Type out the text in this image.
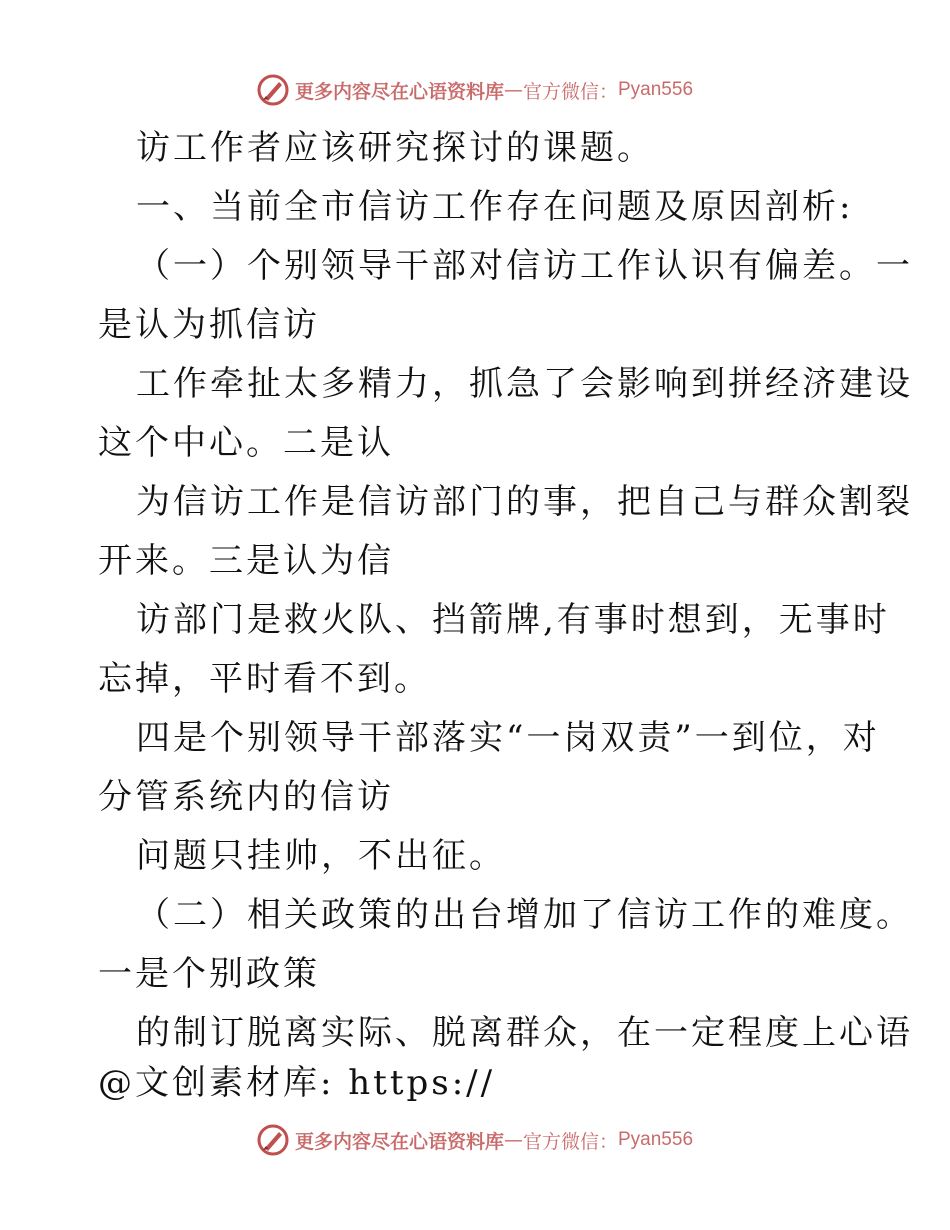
更多内容尽在心语资料库 — 官方微信： Pyan556
访工作者应该研究探讨的课题。
一、当前全市信访工作存在问题及原因剖析:
（一）个别领导干部对信访工作认识有偏差。一
是认为抓信访
工作牵扯太多精力，抓急了会影响到拼经济建设
这个中心。二是认
为信访工作是信访部门的事，把自己与群众割裂
开来。三是认为信
访部门是救火队、挡箭牌,有事时想到，无事时
忘掉，平时看不到。
四是个别领导干部落实“一岗双责”一到位，对
分管系统内的信访
问题只挂帅，不出征。
（二）相关政策的出台增加了信访工作的难度。
一是个别政策
的制订脱离实际、脱离群众，在一定程度上心语
@文创素材库: https://
更多内容尽在心语资料库 — 官方微信： Pyan556
